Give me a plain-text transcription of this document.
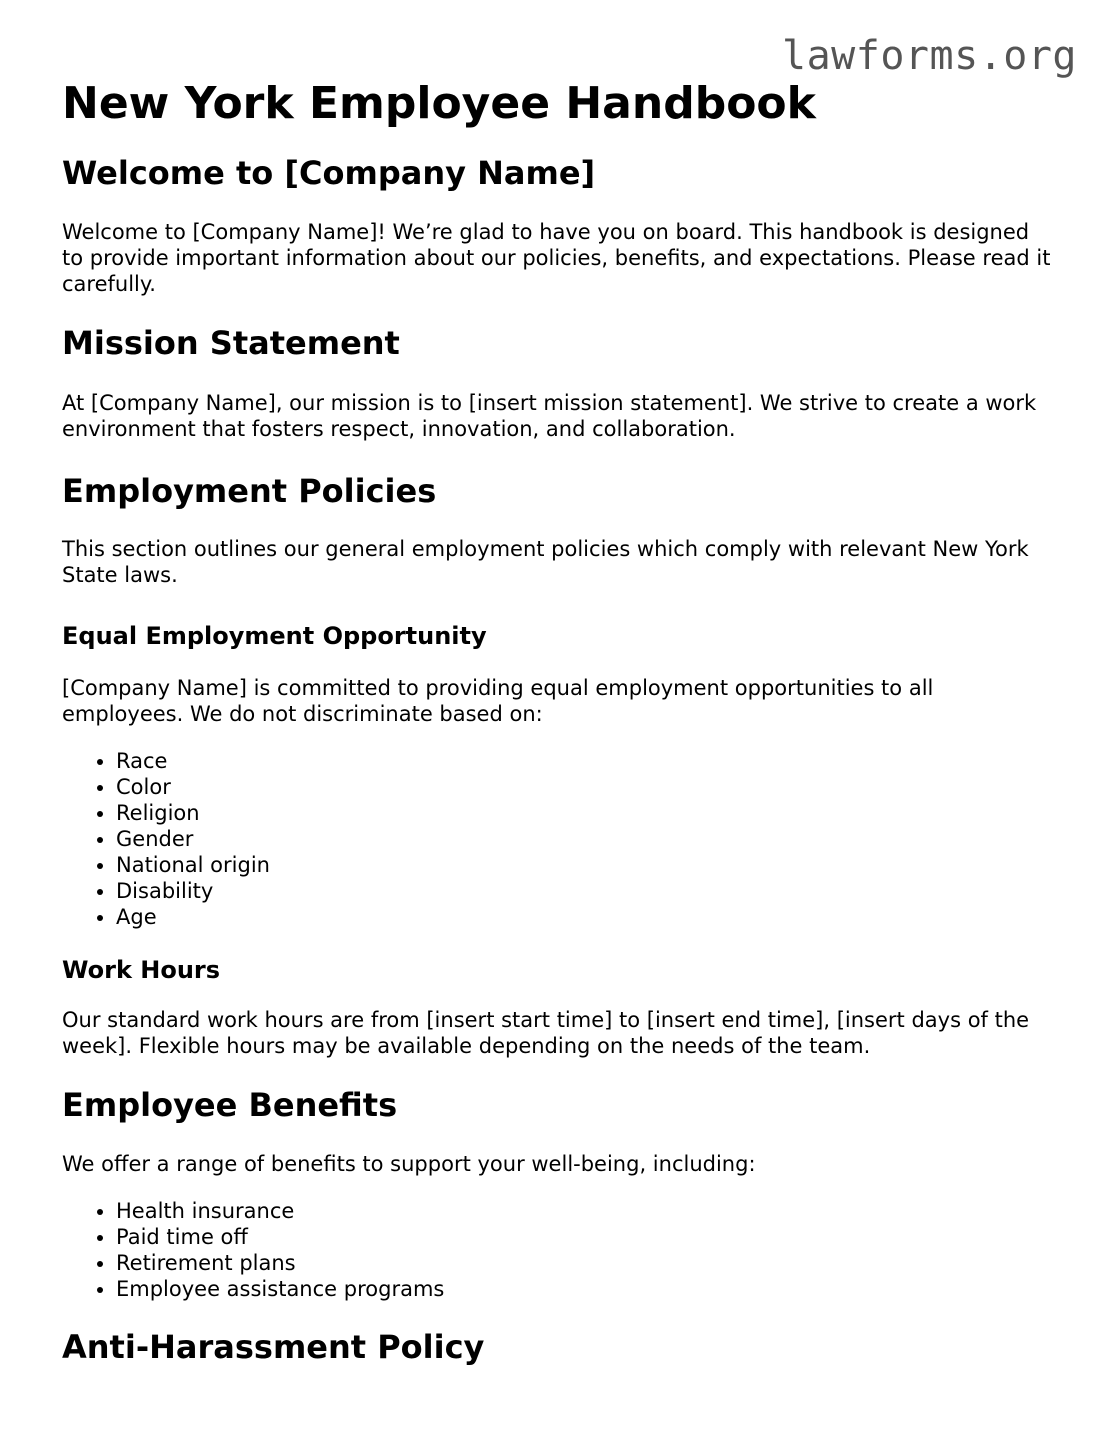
lawforms.org
New York Employee Handbook
Welcome to [Company Name]

Welcome to [Company Name]! We’re glad to have you on board. This handbook is designed to provide important information about our policies, benefits, and expectations. Please read it carefully.

Mission Statement

At [Company Name], our mission is to [insert mission statement]. We strive to create a work environment that fosters respect, innovation, and collaboration.

Employment Policies

This section outlines our general employment policies which comply with relevant New York State laws.

Equal Employment Opportunity

[Company Name] is committed to providing equal employment opportunities to all employees. We do not discriminate based on:

• Race
• Color
• Religion
• Gender
• National origin
• Disability
• Age
Work Hours

Our standard work hours are from [insert start time] to [insert end time], [insert days of the week]. Flexible hours may be available depending on the needs of the team.

Employee Benefits

We offer a range of benefits to support your well-being, including:

• Health insurance
• Paid time off
• Retirement plans
• Employee assistance programs
Anti-Harassment Policy
